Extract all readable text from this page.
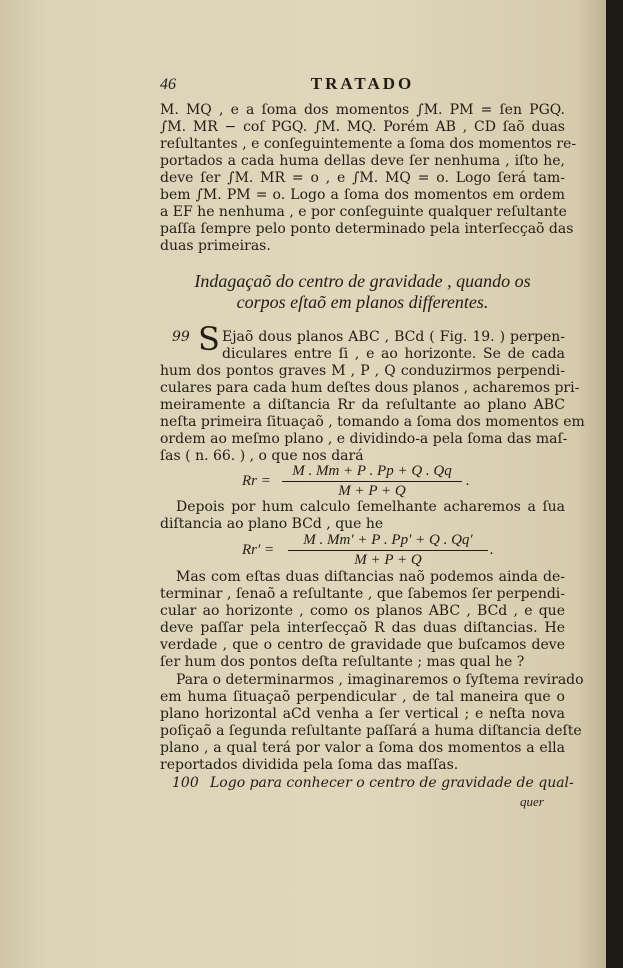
46	TRATADO
M. MQ , e a ſoma dos momentos ∫M. PM = ſen PGQ.
∫M. MR − coſ PGQ. ∫M. MQ. Porém AB , CD ſaõ duas
reſultantes , e conſeguintemente a ſoma dos momentos re-
portados a cada huma dellas deve ſer nenhuma , iſto he,
deve ſer ∫M. MR = o , e ∫M. MQ = o. Logo ſerá tam-
bem ∫M. PM = o. Logo a ſoma dos momentos em ordem
a EF he nenhuma , e por conſeguinte qualquer reſultante
paſſa ſempre pelo ponto determinado pela interſecçaõ das
duas primeiras.
Indagaçaõ do centro de gravidade , quando os
corpos eſtaõ em planos differentes.
99 S Ejaõ dous planos ABC , BCd ( Fig. 19. ) perpen-
diculares entre ſi , e ao horizonte. Se de cada
hum dos pontos graves M , P , Q conduzirmos perpendi-
culares para cada hum deſtes dous planos , acharemos pri-
meiramente a diſtancia Rr da reſultante ao plano ABC
neſta primeira ſituaçaõ , tomando a ſoma dos momentos em
ordem ao meſmo plano , e dividindo-a pela ſoma das maſ-
ſas ( n. 66. ) , o que nos dará
$Rr = \frac{M . Mm + P . Pp + Q . Qq}{M + P + Q}$ .
Depois por hum calculo ſemelhante acharemos a ſua
diſtancia ao plano BCd , que he
$Rr' = \frac{M . Mm' + P . Pp' + Q . Qq'}{M + P + Q}$ .
Mas com eſtas duas diſtancias naõ podemos ainda de-
terminar , ſenaõ a reſultante , que ſabemos ſer perpendi-
cular ao horizonte , como os planos ABC , BCd , e que
deve paſſar pela interſecçaõ R das duas diſtancias. He
verdade , que o centro de gravidade que buſcamos deve
ſer hum dos pontos deſta reſultante ; mas qual he ?
Para o determinarmos , imaginaremos o ſyſtema revirado
em huma ſituaçaõ perpendicular , de tal maneira que o
plano horizontal aCd venha a ſer vertical ; e neſta nova
poſiçaõ a ſegunda reſultante paſſará a huma diſtancia deſte
plano , a qual terá por valor a ſoma dos momentos a ella
reportados dividida pela ſoma das maſſas.
100 Logo para conhecer o centro de gravidade de qual-
quer
